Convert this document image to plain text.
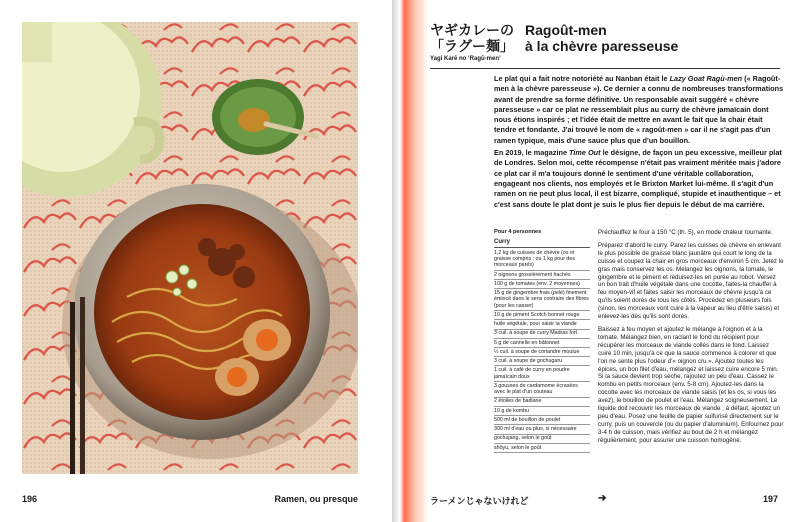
196	Ramen, ou presque
ヤギカレーの
「ラグー麺」
Yagi Karē no ‘Ragū-men’
Ragoût-men
à la chèvre paresseuse

Le plat qui a fait notre notoriété au Nanban était le Lazy Goat Ragù-men (« Ragoût-men à la chèvre paresseuse »). Ce dernier a connu de nombreuses transformations avant de prendre sa forme définitive. Un responsable avait suggéré « chèvre paresseuse » car ce plat ne ressemblait plus au curry de chèvre jamaïcain dont nous étions inspirés ; et l'idée était de mettre en avant le fait que la chair était tendre et fondante. J'ai trouvé le nom de « ragoût-men » car il ne s'agit pas d'un ramen typique, mais d'une sauce plus que d'un bouillon.

En 2019, le magazine Time Out le désigne, de façon un peu excessive, meilleur plat de Londres. Selon moi, cette récompense n'était pas vraiment méritée mais j'adore ce plat car il m'a toujours donné le sentiment d'une véritable collaboration, engageant nos clients, nos employés et le Brixton Market lui-même. Il s'agit d'un ramen on ne peut plus local, il est bizarre, compliqué, stupide et inauthentique – et c'est sans doute le plat dont je suis le plus fier depuis le début de ma carrière.

Pour 4 personnes
Curry
1,2 kg de cuisses de chèvre (os et graisse compris ; ou 1 kg pour des morceaux parés)
2 oignons grossièrement hachés
100 g de tomates (env. 2 moyennes)
15 g de gingembre frais (pelé) finement émincé dans le sens contraire des fibres (pour les casser)
10 g de piment Scotch bonnet rouge
huile végétale, pour saisir la viande
3 cuil. à soupe de curry Madras fort
5 g de cannelle en bâtonnet
½ cuil. à soupe de coriandre moulue
3 cuil. à soupe de gochugaru
1 cuil. à café de curry en poudre jamaïcain doux
3 gousses de cardamome écrasées avec le plat d'un couteau
2 étoiles de badiane
10 g de kombu
500 ml de bouillon de poulet
300 ml d'eau ou plus, si nécessaire
gochujang, selon le goût
shōyu, selon le goût

Préchauffez le four à 150 °C (th. 5), en mode chaleur tournante.

Préparez d'abord le curry. Parez les cuisses de chèvre en enlevant le plus possible de graisse blanc jaunâtre qui court le long de la cuisse et coupez la chair en gros morceaux d'environ 5 cm. Jetez le gras mais conservez les os. Mélangez les oignons, la tomate, le gingembre et le piment et réduisez-les en purée au robot. Versez un bon trait d'huile végétale dans une cocotte, faites-la chauffer à feu moyen-vif et faites saisir les morceaux de chèvre jusqu'à ce qu'ils soient dorés de tous les côtés. Procédez en plusieurs fois (sinon, les morceaux vont cuire à la vapeur au lieu d'être saisis) et enlevez-les dès qu'ils sont dorés.

Baissez à feu moyen et ajoutez le mélange à l'oignon et à la tomate. Mélangez bien, en raclant le fond du récipient pour récupérer les morceaux de viande collés dans le fond. Laissez cuire 10 min, jusqu'à ce que la sauce commence à colorer et que l'on ne sente plus l'odeur d'« oignon cru ». Ajoutez toutes les épices, un bon filet d'eau, mélangez et laissez cuire encore 5 min. Si la sauce devient trop sèche, rajoutez un peu d'eau. Cassez le kombu en petits morceaux (env. 5-8 cm). Ajoutez-les dans la cocotte avec les morceaux de viande saisis (et les os, si vous les avez), le bouillon de poulet et l'eau. Mélangez soigneusement. Le liquide doit recouvrir les morceaux de viande ; à défaut, ajoutez un peu d'eau. Posez une feuille de papier sulfurisé directement sur le curry, puis un couvercle (ou du papier d'aluminium). Enfournez pour 3-4 h de cuisson, mais vérifiez au bout de 2 h et mélangez régulièrement, pour assurer une cuisson homogène.

ラーメンじゃないけれど	➔	197
